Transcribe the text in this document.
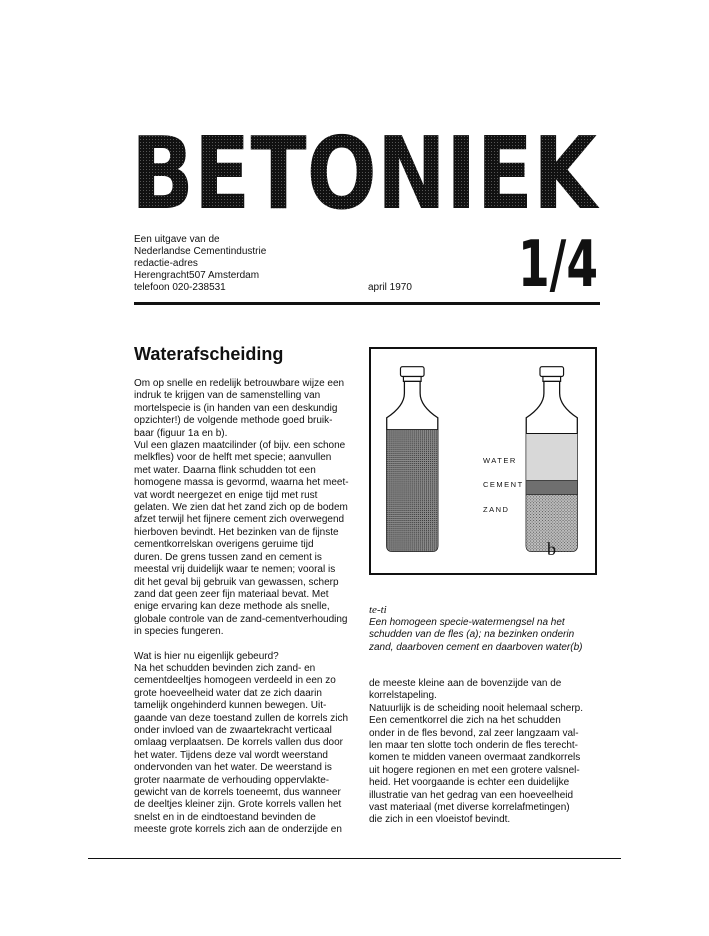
BETONIEK
Een uitgave van de
Nederlandse Cementindustrie
redactie-adres
Herengracht507 Amsterdam
telefoon 020-238531	april 1970 1/4
Waterafscheiding
Om op snelle en redelijk betrouwbare wijze een
indruk te krijgen van de samenstelling van
mortelspecie is (in handen van een deskundig
opzichter!) de volgende methode goed bruik-
baar (figuur 1a en b).
Vul een glazen maatcilinder (of bijv. een schone
melkfles) voor de helft met specie; aanvullen
met water. Daarna flink schudden tot een
homogene massa is gevormd, waarna het meet-
vat wordt neergezet en enige tijd met rust
gelaten. We zien dat het zand zich op de bodem
afzet terwijl het fijnere cement zich overwegend
hierboven bevindt. Het bezinken van de fijnste
cementkorrelskan overigens geruime tijd
duren. De grens tussen zand en cement is
meestal vrij duidelijk waar te nemen; vooral is
dit het geval bij gebruik van gewassen, scherp
zand dat geen zeer fijn materiaal bevat. Met
enige ervaring kan deze methode als snelle,
globale controle van de zand-cementverhouding
in species fungeren.
Wat is hier nu eigenlijk gebeurd?
Na het schudden bevinden zich zand- en
cementdeeltjes homogeen verdeeld in een zo
grote hoeveelheid water dat ze zich daarin
tamelijk ongehinderd kunnen bewegen. Uit-
gaande van deze toestand zullen de korrels zich
onder invloed van de zwaartekracht verticaal
omlaag verplaatsen. De korrels vallen dus door
het water. Tijdens deze val wordt weerstand
ondervonden van het water. De weerstand is
groter naarmate de verhouding oppervlakte-
gewicht van de korrels toeneemt, dus wanneer
de deeltjes kleiner zijn. Grote korrels vallen het
snelst en in de eindtoestand bevinden de
meeste grote korrels zich aan de onderzijde en
WATER
CEMENT
ZAND
b
te-ti
Een homogeen specie-watermengsel na het
schudden van de fles (a); na bezinken onderin
zand, daarboven cement en daarboven water(b)
de meeste kleine aan de bovenzijde van de
korrelstapeling.
Natuurlijk is de scheiding nooit helemaal scherp.
Een cementkorrel die zich na het schudden
onder in de fles bevond, zal zeer langzaam val-
len maar ten slotte toch onderin de fles terecht-
komen te midden vaneen overmaat zandkorrels
uit hogere regionen en met een grotere valsnel-
heid. Het voorgaande is echter een duidelijke
illustratie van het gedrag van een hoeveelheid
vast materiaal (met diverse korrelafmetingen)
die zich in een vloeistof bevindt.
